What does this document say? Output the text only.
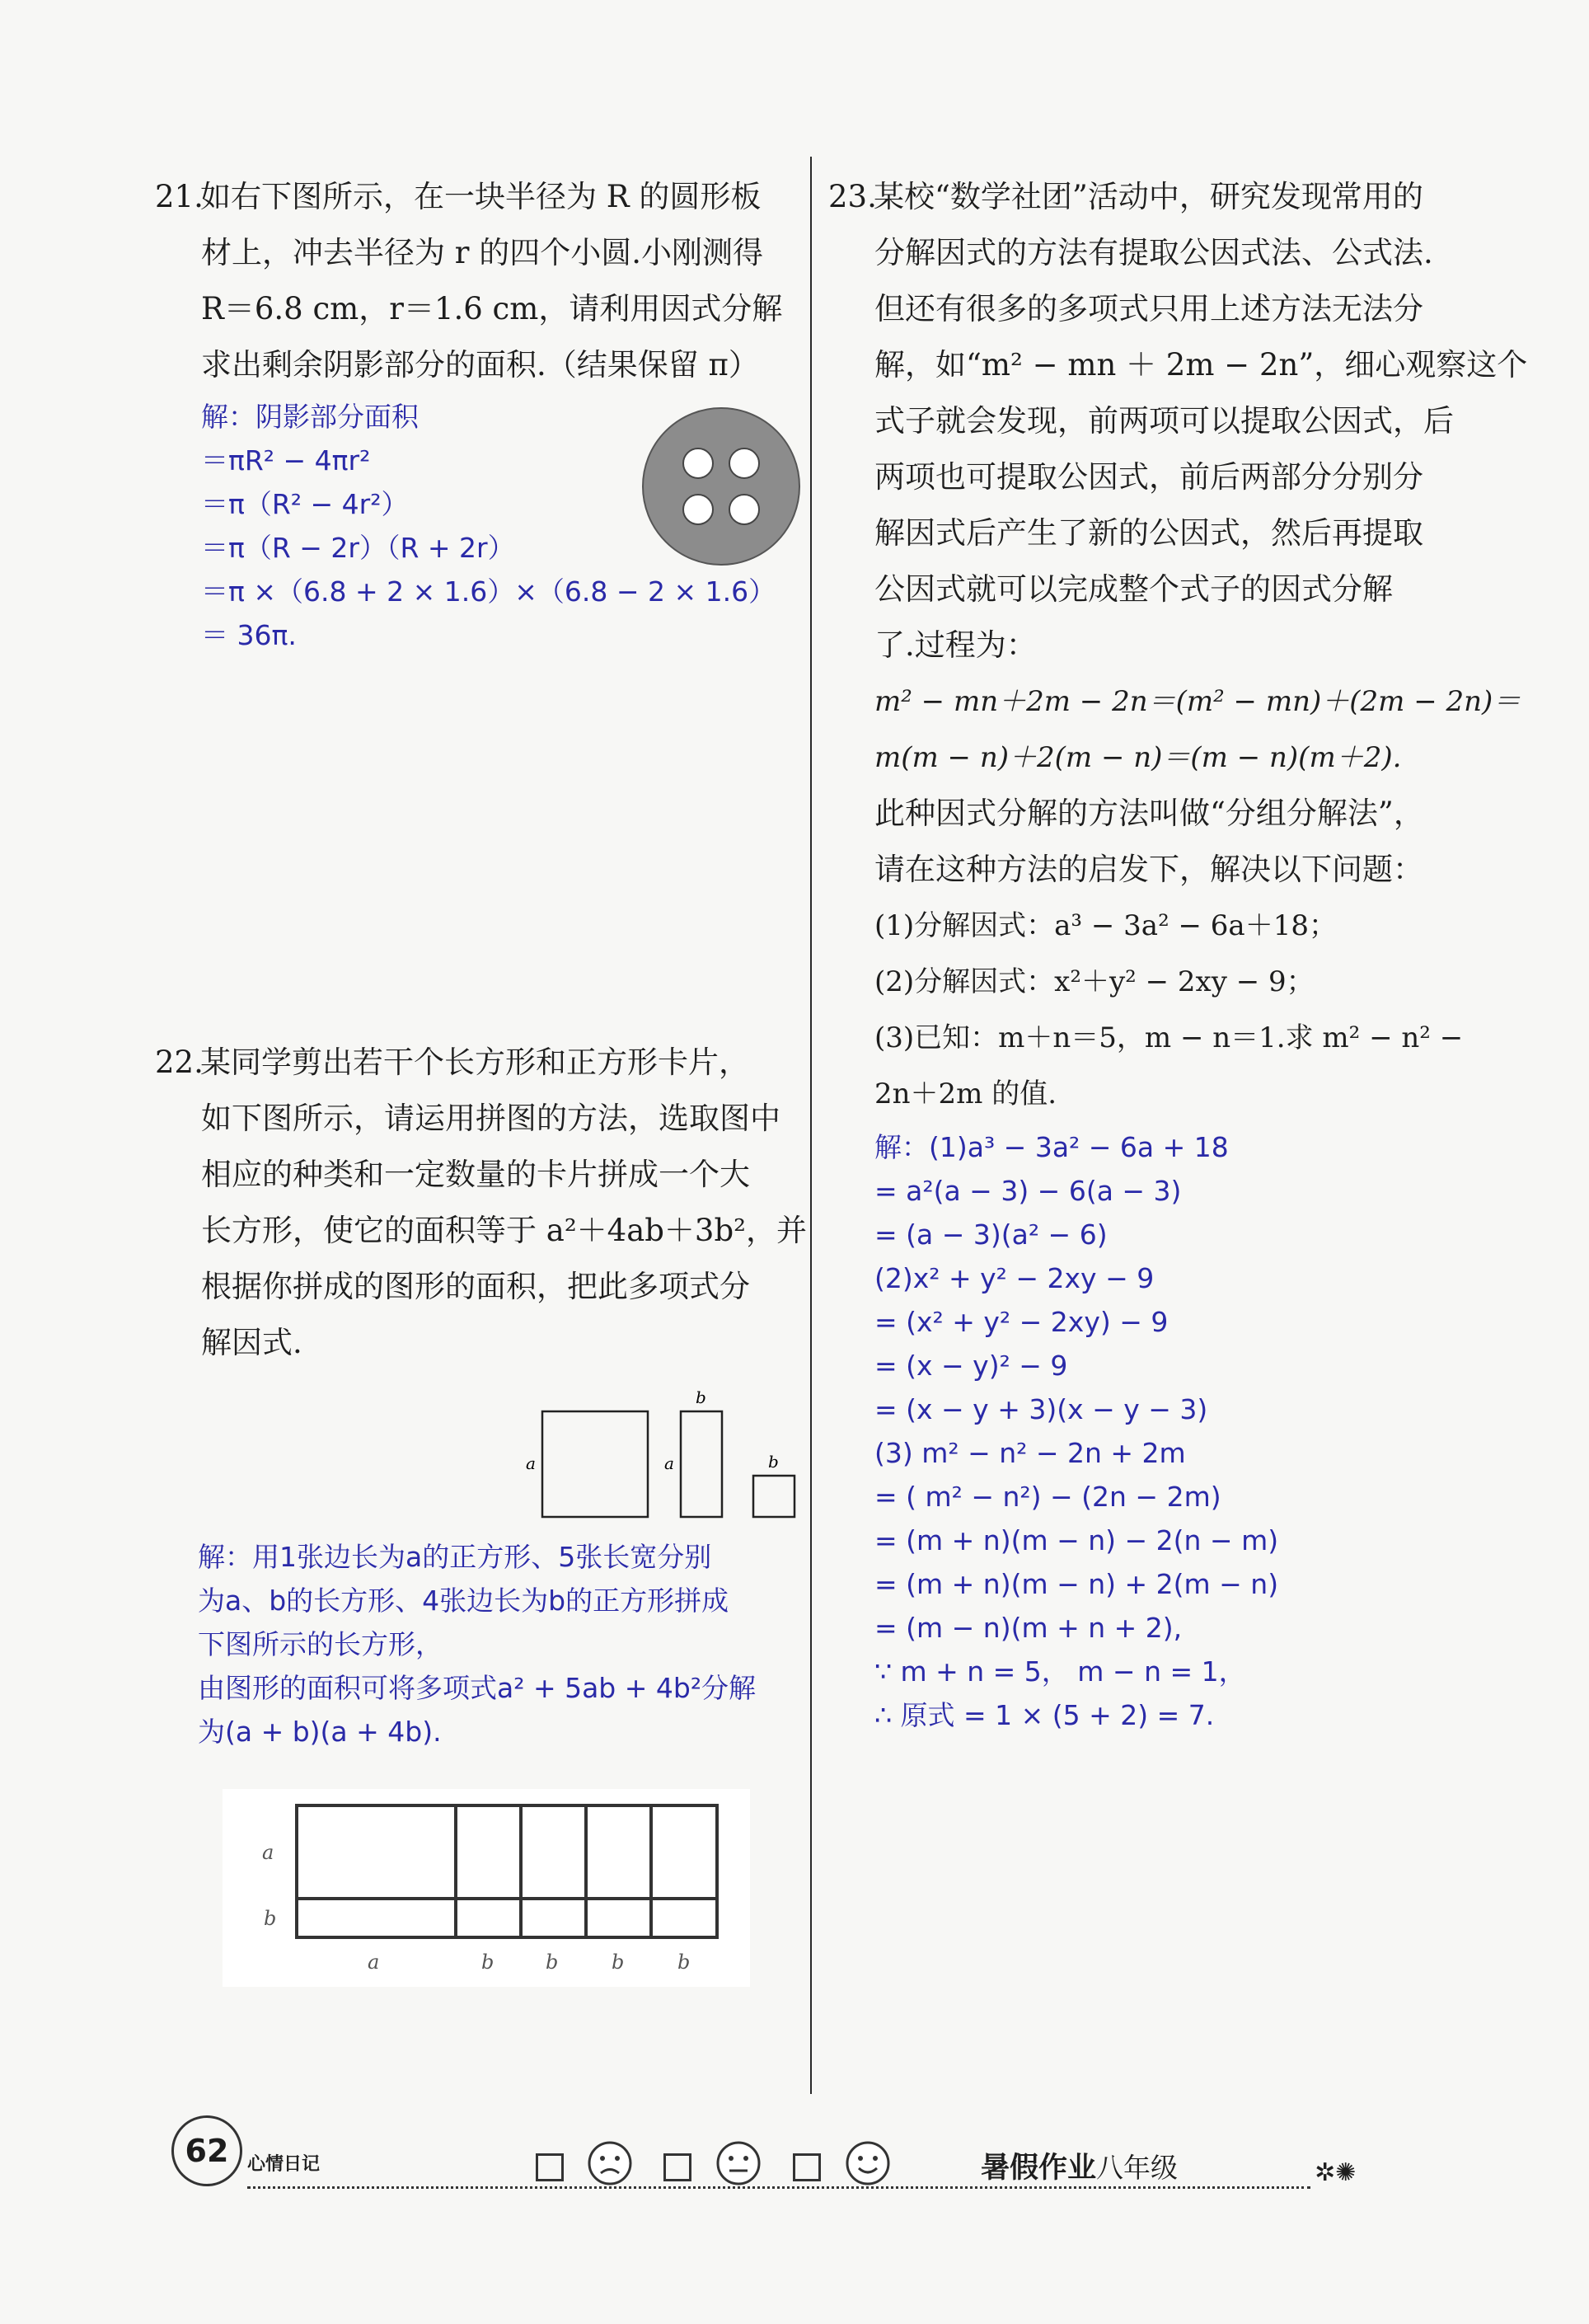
21.如右下图所示，在一块半径为 R 的圆形板
材上，冲去半径为 r 的四个小圆.小刚测得
R＝6.8 cm，r＝1.6 cm，请利用因式分解
求出剩余阴影部分的面积.（结果保留 π）
解：阴影部分面积
＝πR² − 4πr²
＝π（R² − 4r²）
＝π（R − 2r）（R + 2r）
＝π ×（6.8 + 2 × 1.6）×（6.8 − 2 × 1.6）
＝ 36π.
22.某同学剪出若干个长方形和正方形卡片，
如下图所示，请运用拼图的方法，选取图中
相应的种类和一定数量的卡片拼成一个大
长方形，使它的面积等于 a²＋4ab＋3b²，并
根据你拼成的图形的面积，把此多项式分
解因式.
a	a
b
b
解：用1张边长为a的正方形、5张长宽分别
为a、b的长方形、4张边长为b的正方形拼成
下图所示的长方形，
由图形的面积可将多项式a² + 5ab + 4b²分解
为(a + b)(a + 4b).
a
b
a	b	b	b	b
23.某校“数学社团”活动中，研究发现常用的
分解因式的方法有提取公因式法、公式法.
但还有很多的多项式只用上述方法无法分
解，如“m² − mn ＋ 2m − 2n”，细心观察这个
式子就会发现，前两项可以提取公因式，后
两项也可提取公因式，前后两部分分别分
解因式后产生了新的公因式，然后再提取
公因式就可以完成整个式子的因式分解
了.过程为：
m² − mn＋2m − 2n＝(m² − mn)＋(2m − 2n)＝
m(m − n)＋2(m − n)＝(m − n)(m＋2).
此种因式分解的方法叫做“分组分解法”，
请在这种方法的启发下，解决以下问题：
(1)分解因式：a³ − 3a² − 6a＋18；
(2)分解因式：x²＋y² − 2xy − 9；
(3)已知：m＋n＝5，m − n＝1.求 m² − n² −
2n＋2m 的值.
解：(1)a³ − 3a² − 6a + 18
= a²(a − 3) − 6(a − 3)
= (a − 3)(a² − 6)
(2)x² + y² − 2xy − 9
= (x² + y² − 2xy) − 9
= (x − y)² − 9
= (x − y + 3)(x − y − 3)
(3) m² − n² − 2n + 2m
= ( m² − n²) − (2n − 2m)
= (m + n)(m − n) − 2(n − m)
= (m + n)(m − n) + 2(m − n)
= (m − n)(m + n + 2),
∵ m + n = 5， m − n = 1，
∴ 原式 = 1 × (5 + 2) = 7.
62	心情日记	暑假作业八年级	✲✺
